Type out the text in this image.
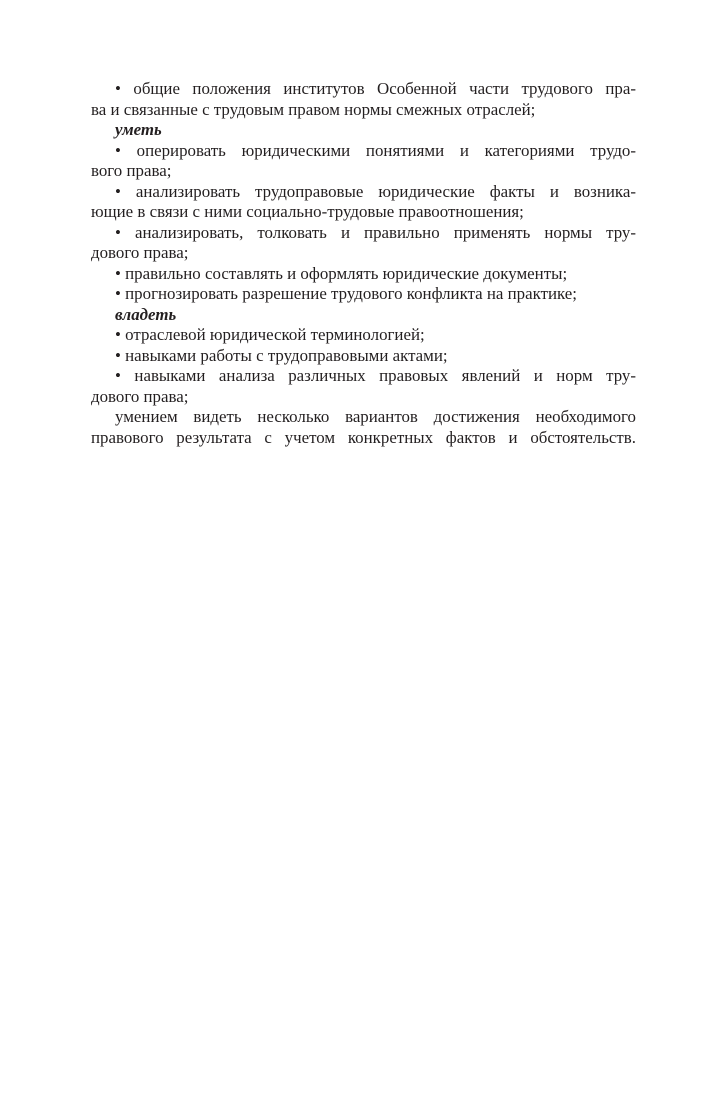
• общие положения институтов Особенной части трудового пра-
ва и связанные с трудовым правом нормы смежных отраслей;
уметь
• оперировать юридическими понятиями и категориями трудо-
вого права;
• анализировать трудоправовые юридические факты и возника-
ющие в связи с ними социально-трудовые правоотношения;
• анализировать, толковать и правильно применять нормы тру-
дового права;
• правильно составлять и оформлять юридические документы;
• прогнозировать разрешение трудового конфликта на практике;
владеть
• отраслевой юридической терминологией;
• навыками работы с трудоправовыми актами;
• навыками анализа различных правовых явлений и норм тру-
дового права;
умением видеть несколько вариантов достижения необходимого
правового результата с учетом конкретных фактов и обстоятельств.
